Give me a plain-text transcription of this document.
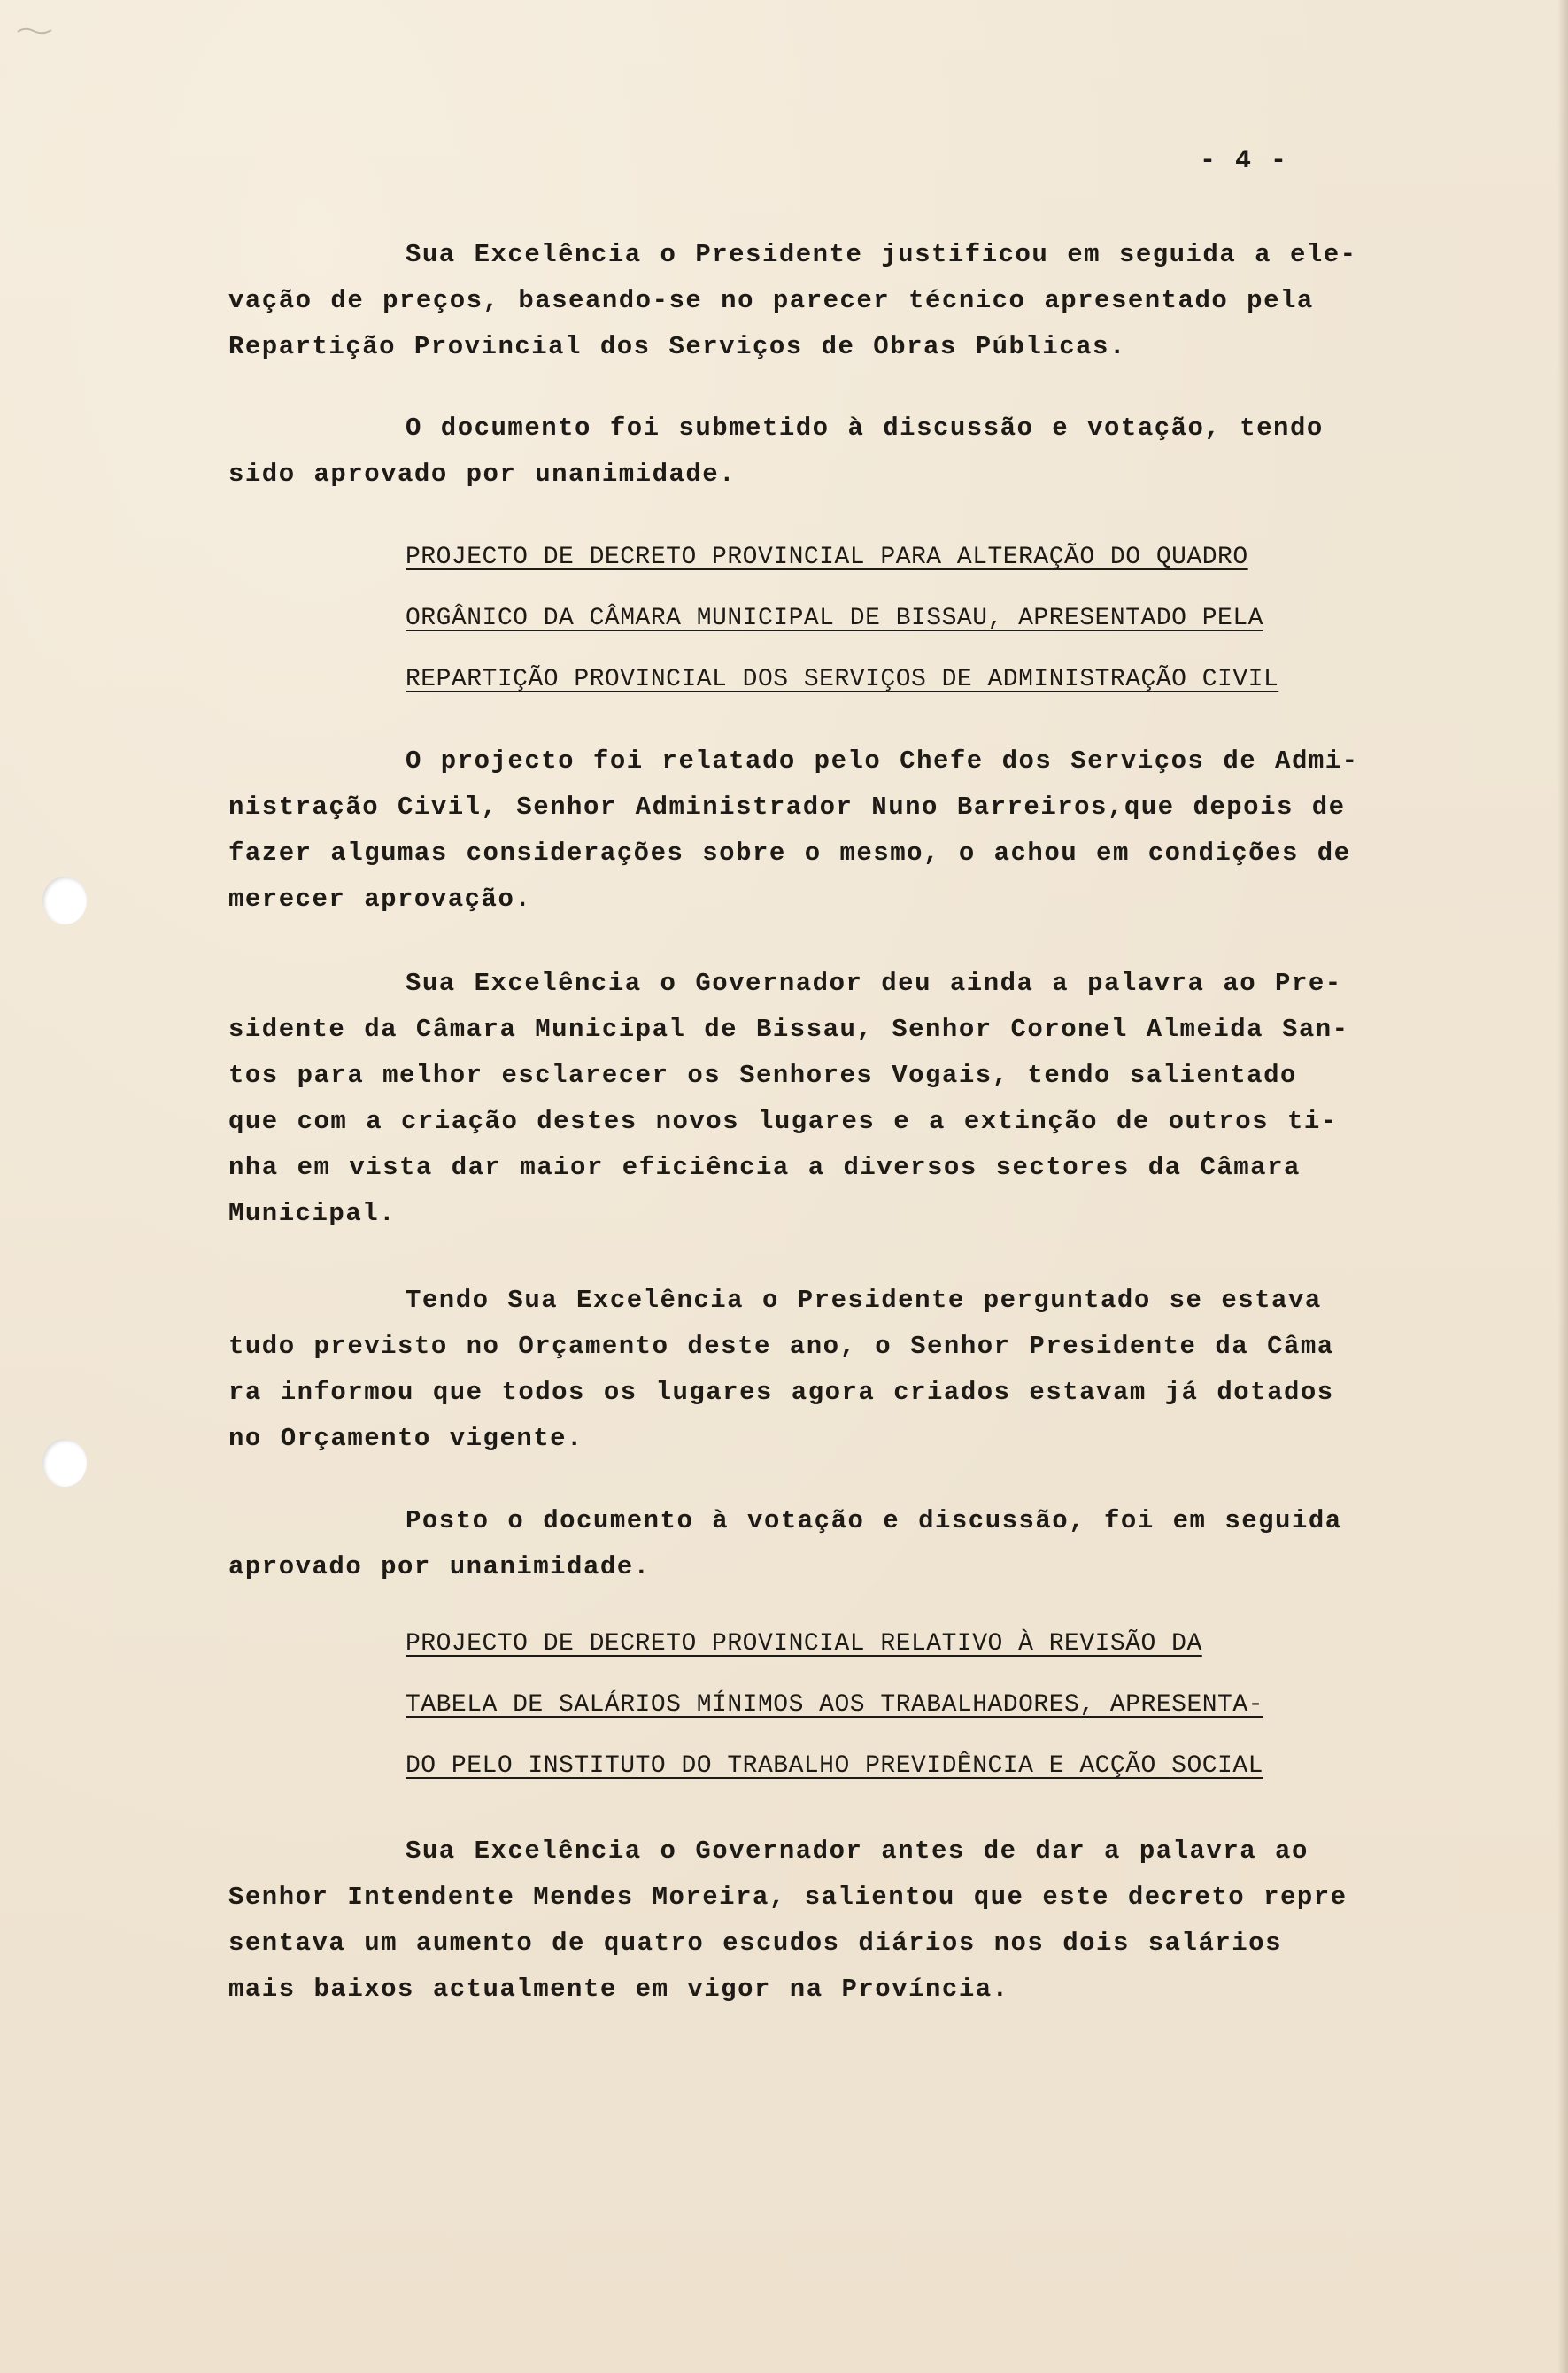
- 4 -
Sua Excelência o Presidente justificou em seguida a ele-
vação de preços, baseando-se no parecer técnico apresentado pela
Repartição Provincial dos Serviços de Obras Públicas.
O documento foi submetido à discussão e votação, tendo
sido aprovado por unanimidade.
PROJECTO DE DECRETO PROVINCIAL PARA ALTERAÇÃO DO QUADRO
ORGÂNICO DA CÂMARA MUNICIPAL DE BISSAU, APRESENTADO PELA
REPARTIÇÃO PROVINCIAL DOS SERVIÇOS DE ADMINISTRAÇÃO CIVIL
O projecto foi relatado pelo Chefe dos Serviços de Admi-
nistração Civil, Senhor Administrador Nuno Barreiros,que depois de
fazer algumas considerações sobre o mesmo, o achou em condições de
merecer aprovação.
Sua Excelência o Governador deu ainda a palavra ao Pre-
sidente da Câmara Municipal de Bissau, Senhor Coronel Almeida San-
tos para melhor esclarecer os Senhores Vogais, tendo salientado
que com a criação destes novos lugares e a extinção de outros ti-
nha em vista dar maior eficiência a diversos sectores da Câmara
Municipal.
Tendo Sua Excelência o Presidente perguntado se estava
tudo previsto no Orçamento deste ano, o Senhor Presidente da Câma
ra informou que todos os lugares agora criados estavam já dotados
no Orçamento vigente.
Posto o documento à votação e discussão, foi em seguida
aprovado por unanimidade.
PROJECTO DE DECRETO PROVINCIAL RELATIVO À REVISÃO DA
TABELA DE SALÁRIOS MÍNIMOS AOS TRABALHADORES, APRESENTA-
DO PELO INSTITUTO DO TRABALHO PREVIDÊNCIA E ACÇÃO SOCIAL
Sua Excelência o Governador antes de dar a palavra ao
Senhor Intendente Mendes Moreira, salientou que este decreto repre
sentava um aumento de quatro escudos diários nos dois salários
mais baixos actualmente em vigor na Província.
